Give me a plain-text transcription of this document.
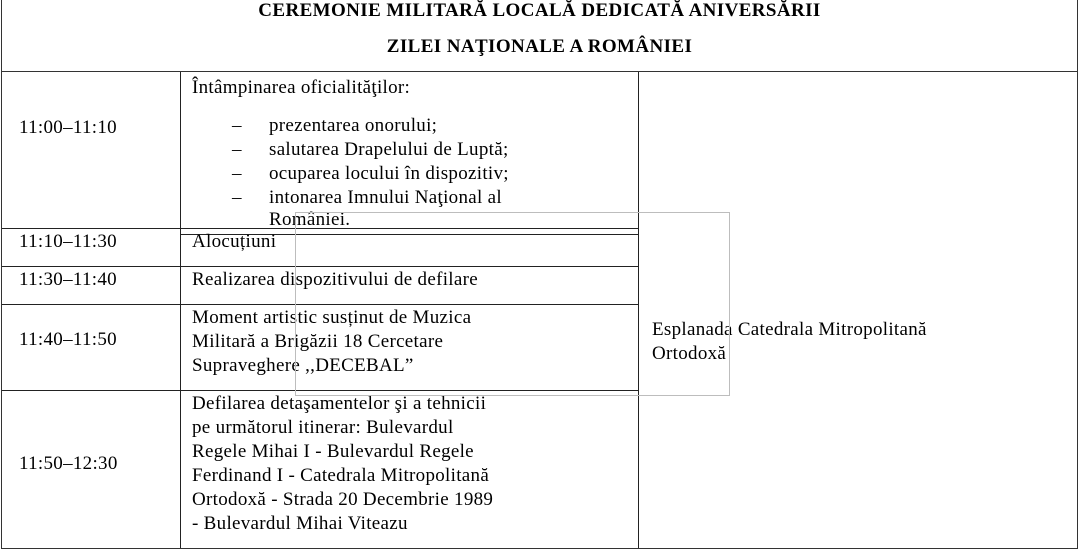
CEREMONIE MILITARĂ LOCALĂ DEDICATĂ ANIVERSĂRII
ZILEI NAŢIONALE A ROMÂNIEI
11:00–11:10
Întâmpinarea oficialităţilor:
– prezentarea onorului;
– salutarea Drapelului de Luptă;
– ocuparea locului în dispozitiv;
– intonarea Imnului Naţional al
României.
11:10–11:30	Alocuțiuni
11:30–11:40	Realizarea dispozitivului de defilare
11:40–11:50
Moment artistic susținut de Muzica
Militară a Brigăzii 18 Cercetare
Supraveghere ,,DECEBAL”
11:50–12:30
Defilarea detaşamentelor şi a tehnicii
pe următorul itinerar: Bulevardul
Regele Mihai I - Bulevardul Regele
Ferdinand I - Catedrala Mitropolitană
Ortodoxă - Strada 20 Decembrie 1989
- Bulevardul Mihai Viteazu
Esplanada Catedrala Mitropolitană
Ortodoxă
